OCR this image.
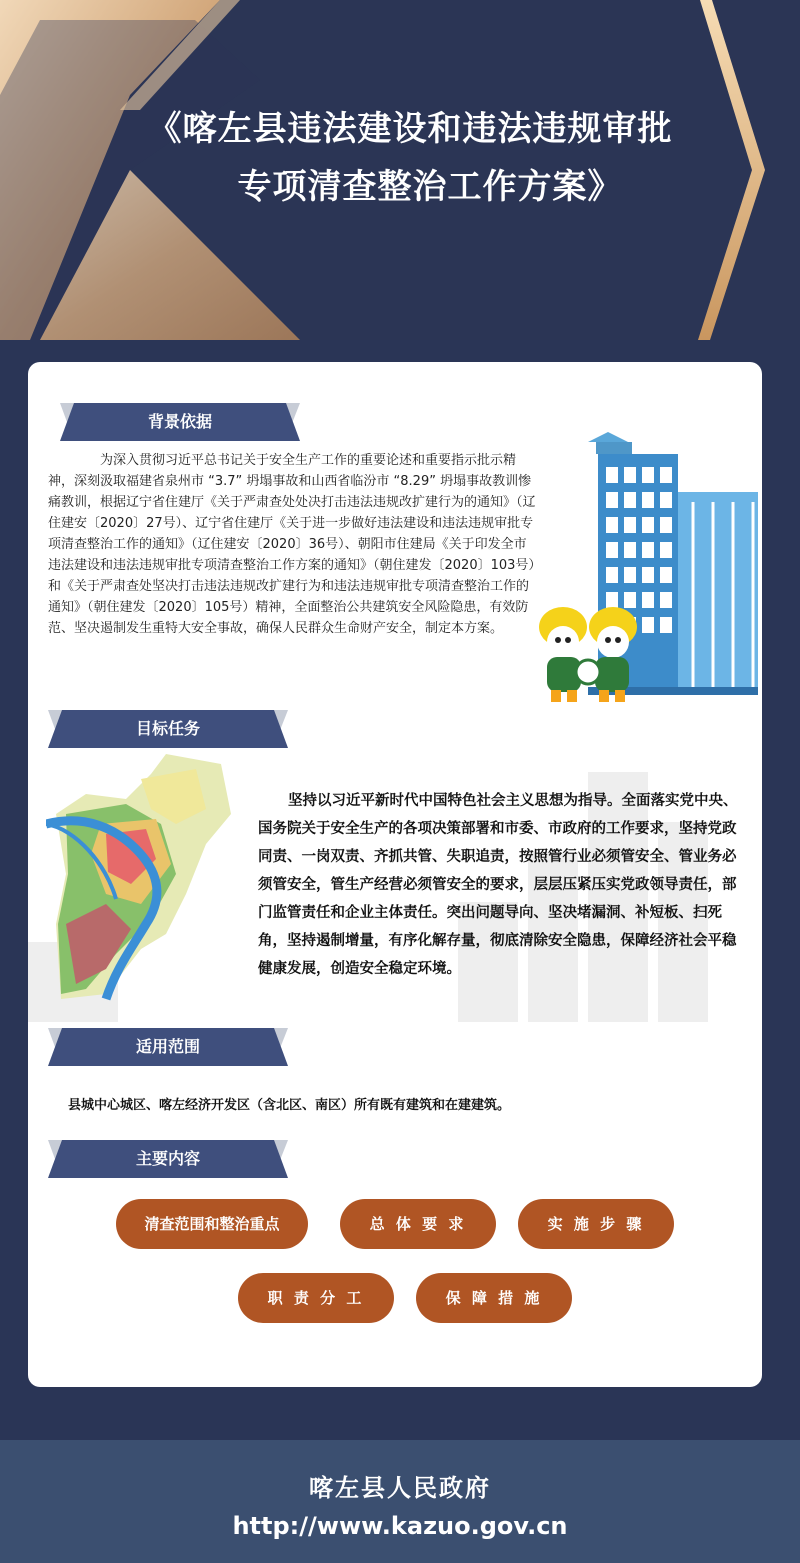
《喀左县违法建设和违法违规审批
专项清查整治工作方案》
背景依据
为深入贯彻习近平总书记关于安全生产工作的重要论述和重要指示批示精神，深刻汲取福建省泉州市 “3.7” 坍塌事故和山西省临汾市 “8.29” 坍塌事故教训惨痛教训，根据辽宁省住建厅《关于严肃查处处决打击违法违规改扩建行为的通知》（辽住建安〔2020〕27号）、辽宁省住建厅《关于进一步做好违法建设和违法违规审批专项清查整治工作的通知》（辽住建安〔2020〕36号）、朝阳市住建局《关于印发全市违法建设和违法违规审批专项清查整治工作方案的通知》（朝住建发〔2020〕103号）和《关于严肃查处坚决打击违法违规改扩建行为和违法违规审批专项清查整治工作的通知》（朝住建发〔2020〕105号）精神，全面整治公共建筑安全风险隐患，有效防范、坚决遏制发生重特大安全事故，确保人民群众生命财产安全，制定本方案。
目标任务
坚持以习近平新时代中国特色社会主义思想为指导。全面落实党中央、国务院关于安全生产的各项决策部署和市委、市政府的工作要求，坚持党政同责、一岗双责、齐抓共管、失职追责，按照管行业必须管安全、管业务必须管安全，管生产经营必须管安全的要求，层层压紧压实党政领导责任，部门监管责任和企业主体责任。突出问题导向、坚决堵漏洞、补短板、扫死角，坚持遏制增量，有序化解存量，彻底清除安全隐患，保障经济社会平稳健康发展，创造安全稳定环境。
适用范围
县城中心城区、喀左经济开发区（含北区、南区）所有既有建筑和在建建筑。
主要内容
清查范围和整治重点	总 体 要 求	实 施 步 骤
职 责 分 工	保 障 措 施
喀左县人民政府
http://www.kazuo.gov.cn
